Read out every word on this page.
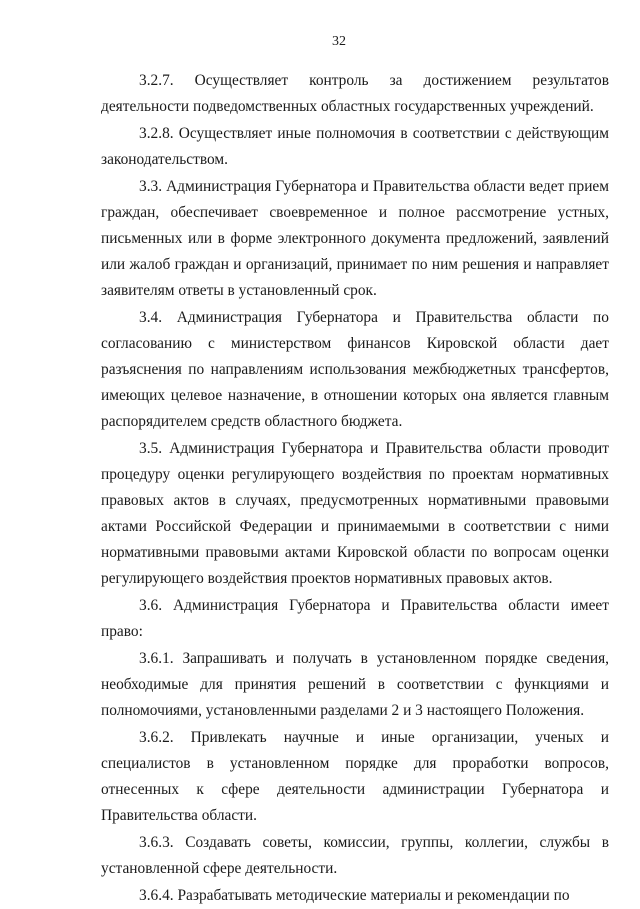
32

3.2.7. Осуществляет контроль за достижением результатов деятельности подведомственных областных государственных учреждений.

3.2.8. Осуществляет иные полномочия в соответствии с действующим законодательством.

3.3. Администрация Губернатора и Правительства области ведет прием граждан, обеспечивает своевременное и полное рассмотрение устных, письменных или в форме электронного документа предложений, заявлений или жалоб граждан и организаций, принимает по ним решения и направляет заявителям ответы в установленный срок.

3.4. Администрация Губернатора и Правительства области по согласованию с министерством финансов Кировской области дает разъяснения по направлениям использования межбюджетных трансфертов, имеющих целевое назначение, в отношении которых она является главным распорядителем средств областного бюджета.

3.5. Администрация Губернатора и Правительства области проводит процедуру оценки регулирующего воздействия по проектам нормативных правовых актов в случаях, предусмотренных нормативными правовыми актами Российской Федерации и принимаемыми в соответствии с ними нормативными правовыми актами Кировской области по вопросам оценки регулирующего воздействия проектов нормативных правовых актов.

3.6. Администрация Губернатора и Правительства области имеет право:

3.6.1. Запрашивать и получать в установленном порядке сведения, необходимые для принятия решений в соответствии с функциями и полномочиями, установленными разделами 2 и 3 настоящего Положения.

3.6.2. Привлекать научные и иные организации, ученых и специалистов в установленном порядке для проработки вопросов, отнесенных к сфере деятельности администрации Губернатора и Правительства области.

3.6.3. Создавать советы, комиссии, группы, коллегии, службы в установленной сфере деятельности.

3.6.4. Разрабатывать методические материалы и рекомендации по
